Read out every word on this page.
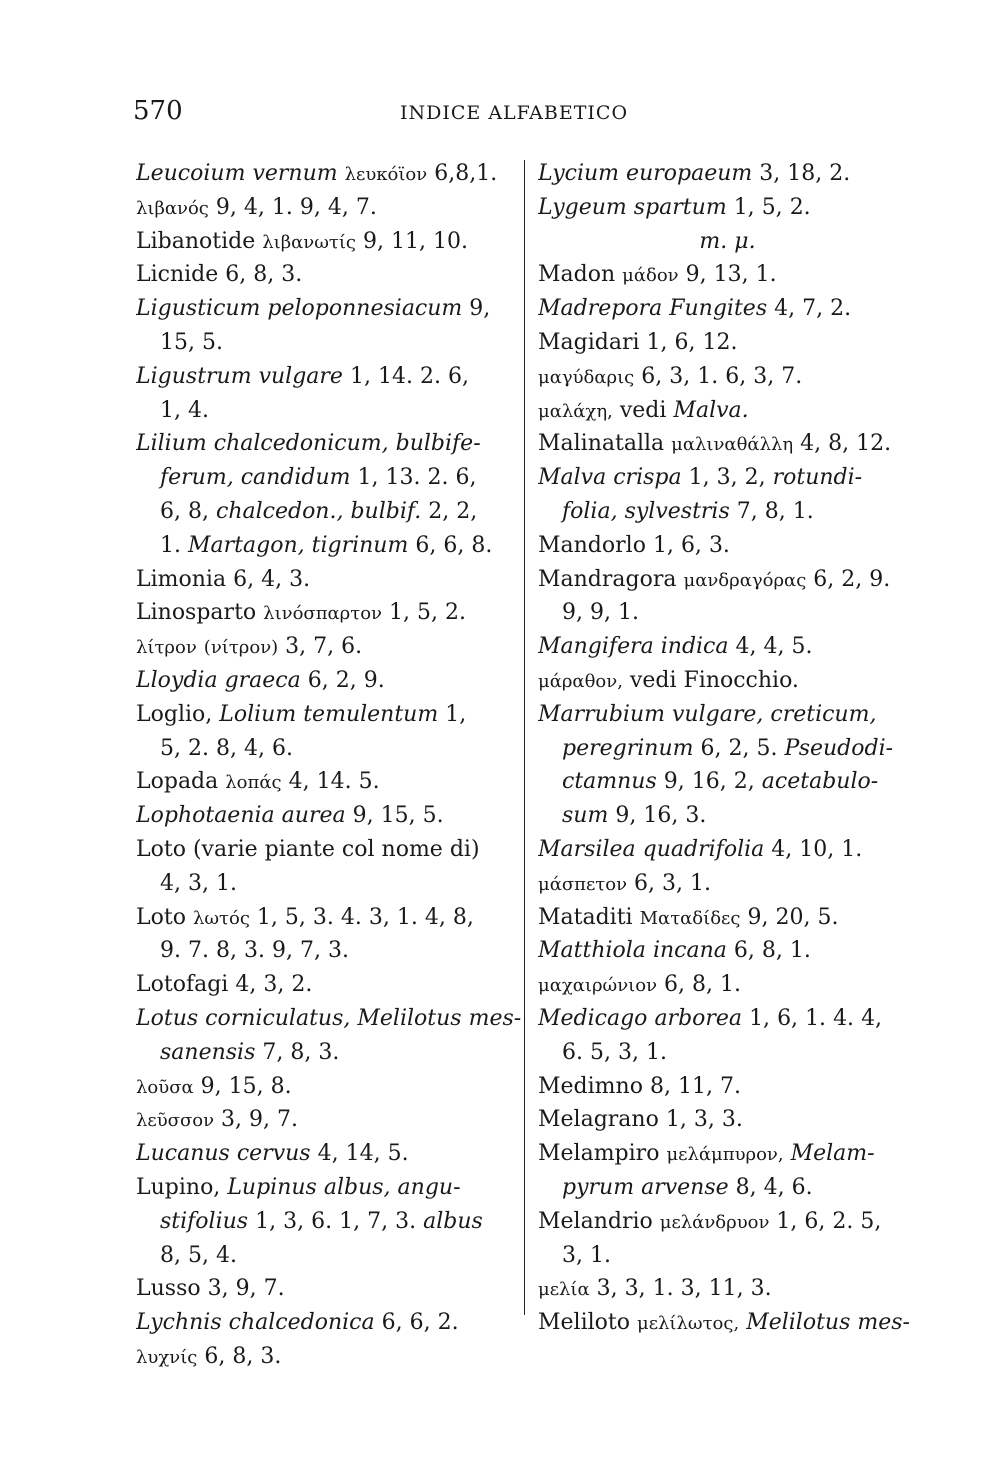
570	INDICE ALFABETICO
Leucoium vernum λευκόϊον 6,8,1.
λιβανός 9, 4, 1. 9, 4, 7.
Libanotide λιβανωτίς 9, 11, 10.
Licnide 6, 8, 3.
Ligusticum peloponnesiacum 9,
15, 5.
Ligustrum vulgare 1, 14. 2. 6,
1, 4.
Lilium chalcedonicum, bulbife-
ferum, candidum 1, 13. 2. 6,
6, 8, chalcedon., bulbif. 2, 2,
1. Martagon, tigrinum 6, 6, 8.
Limonia 6, 4, 3.
Linosparto λινόσπαρτον 1, 5, 2.
λίτρον (νίτρον) 3, 7, 6.
Lloydia graeca 6, 2, 9.
Loglio, Lolium temulentum 1,
5, 2. 8, 4, 6.
Lopada λοπάς 4, 14. 5.
Lophotaenia aurea 9, 15, 5.
Loto (varie piante col nome di)
4, 3, 1.
Loto λωτός 1, 5, 3. 4. 3, 1. 4, 8,
9. 7. 8, 3. 9, 7, 3.
Lotofagi 4, 3, 2.
Lotus corniculatus, Melilotus mes-
sanensis 7, 8, 3.
λοῦσα 9, 15, 8.
λεῦσσον 3, 9, 7.
Lucanus cervus 4, 14, 5.
Lupino, Lupinus albus, angu-
stifolius 1, 3, 6. 1, 7, 3. albus
8, 5, 4.
Lusso 3, 9, 7.
Lychnis chalcedonica 6, 6, 2.
λυχνίς 6, 8, 3.
Lycium europaeum 3, 18, 2.
Lygeum spartum 1, 5, 2.
m. μ.
Madon μάδον 9, 13, 1.
Madrepora Fungites 4, 7, 2.
Magidari 1, 6, 12.
μαγύδαρις 6, 3, 1. 6, 3, 7.
μαλάχη, vedi Malva.
Malinatalla μαλιναθάλλη 4, 8, 12.
Malva crispa 1, 3, 2, rotundi-
folia, sylvestris 7, 8, 1.
Mandorlo 1, 6, 3.
Mandragora μανδραγόρας 6, 2, 9.
9, 9, 1.
Mangifera indica 4, 4, 5.
μάραθον, vedi Finocchio.
Marrubium vulgare, creticum,
peregrinum 6, 2, 5. Pseudodi-
ctamnus 9, 16, 2, acetabulo-
sum 9, 16, 3.
Marsilea quadrifolia 4, 10, 1.
μάσπετον 6, 3, 1.
Mataditi Ματαδίδες 9, 20, 5.
Matthiola incana 6, 8, 1.
μαχαιρώνιον 6, 8, 1.
Medicago arborea 1, 6, 1. 4. 4,
6. 5, 3, 1.
Medimno 8, 11, 7.
Melagrano 1, 3, 3.
Melampiro μελάμπυρον, Melam-
pyrum arvense 8, 4, 6.
Melandrio μελάνδρυον 1, 6, 2. 5,
3, 1.
μελία 3, 3, 1. 3, 11, 3.
Meliloto μελίλωτος, Melilotus mes-
